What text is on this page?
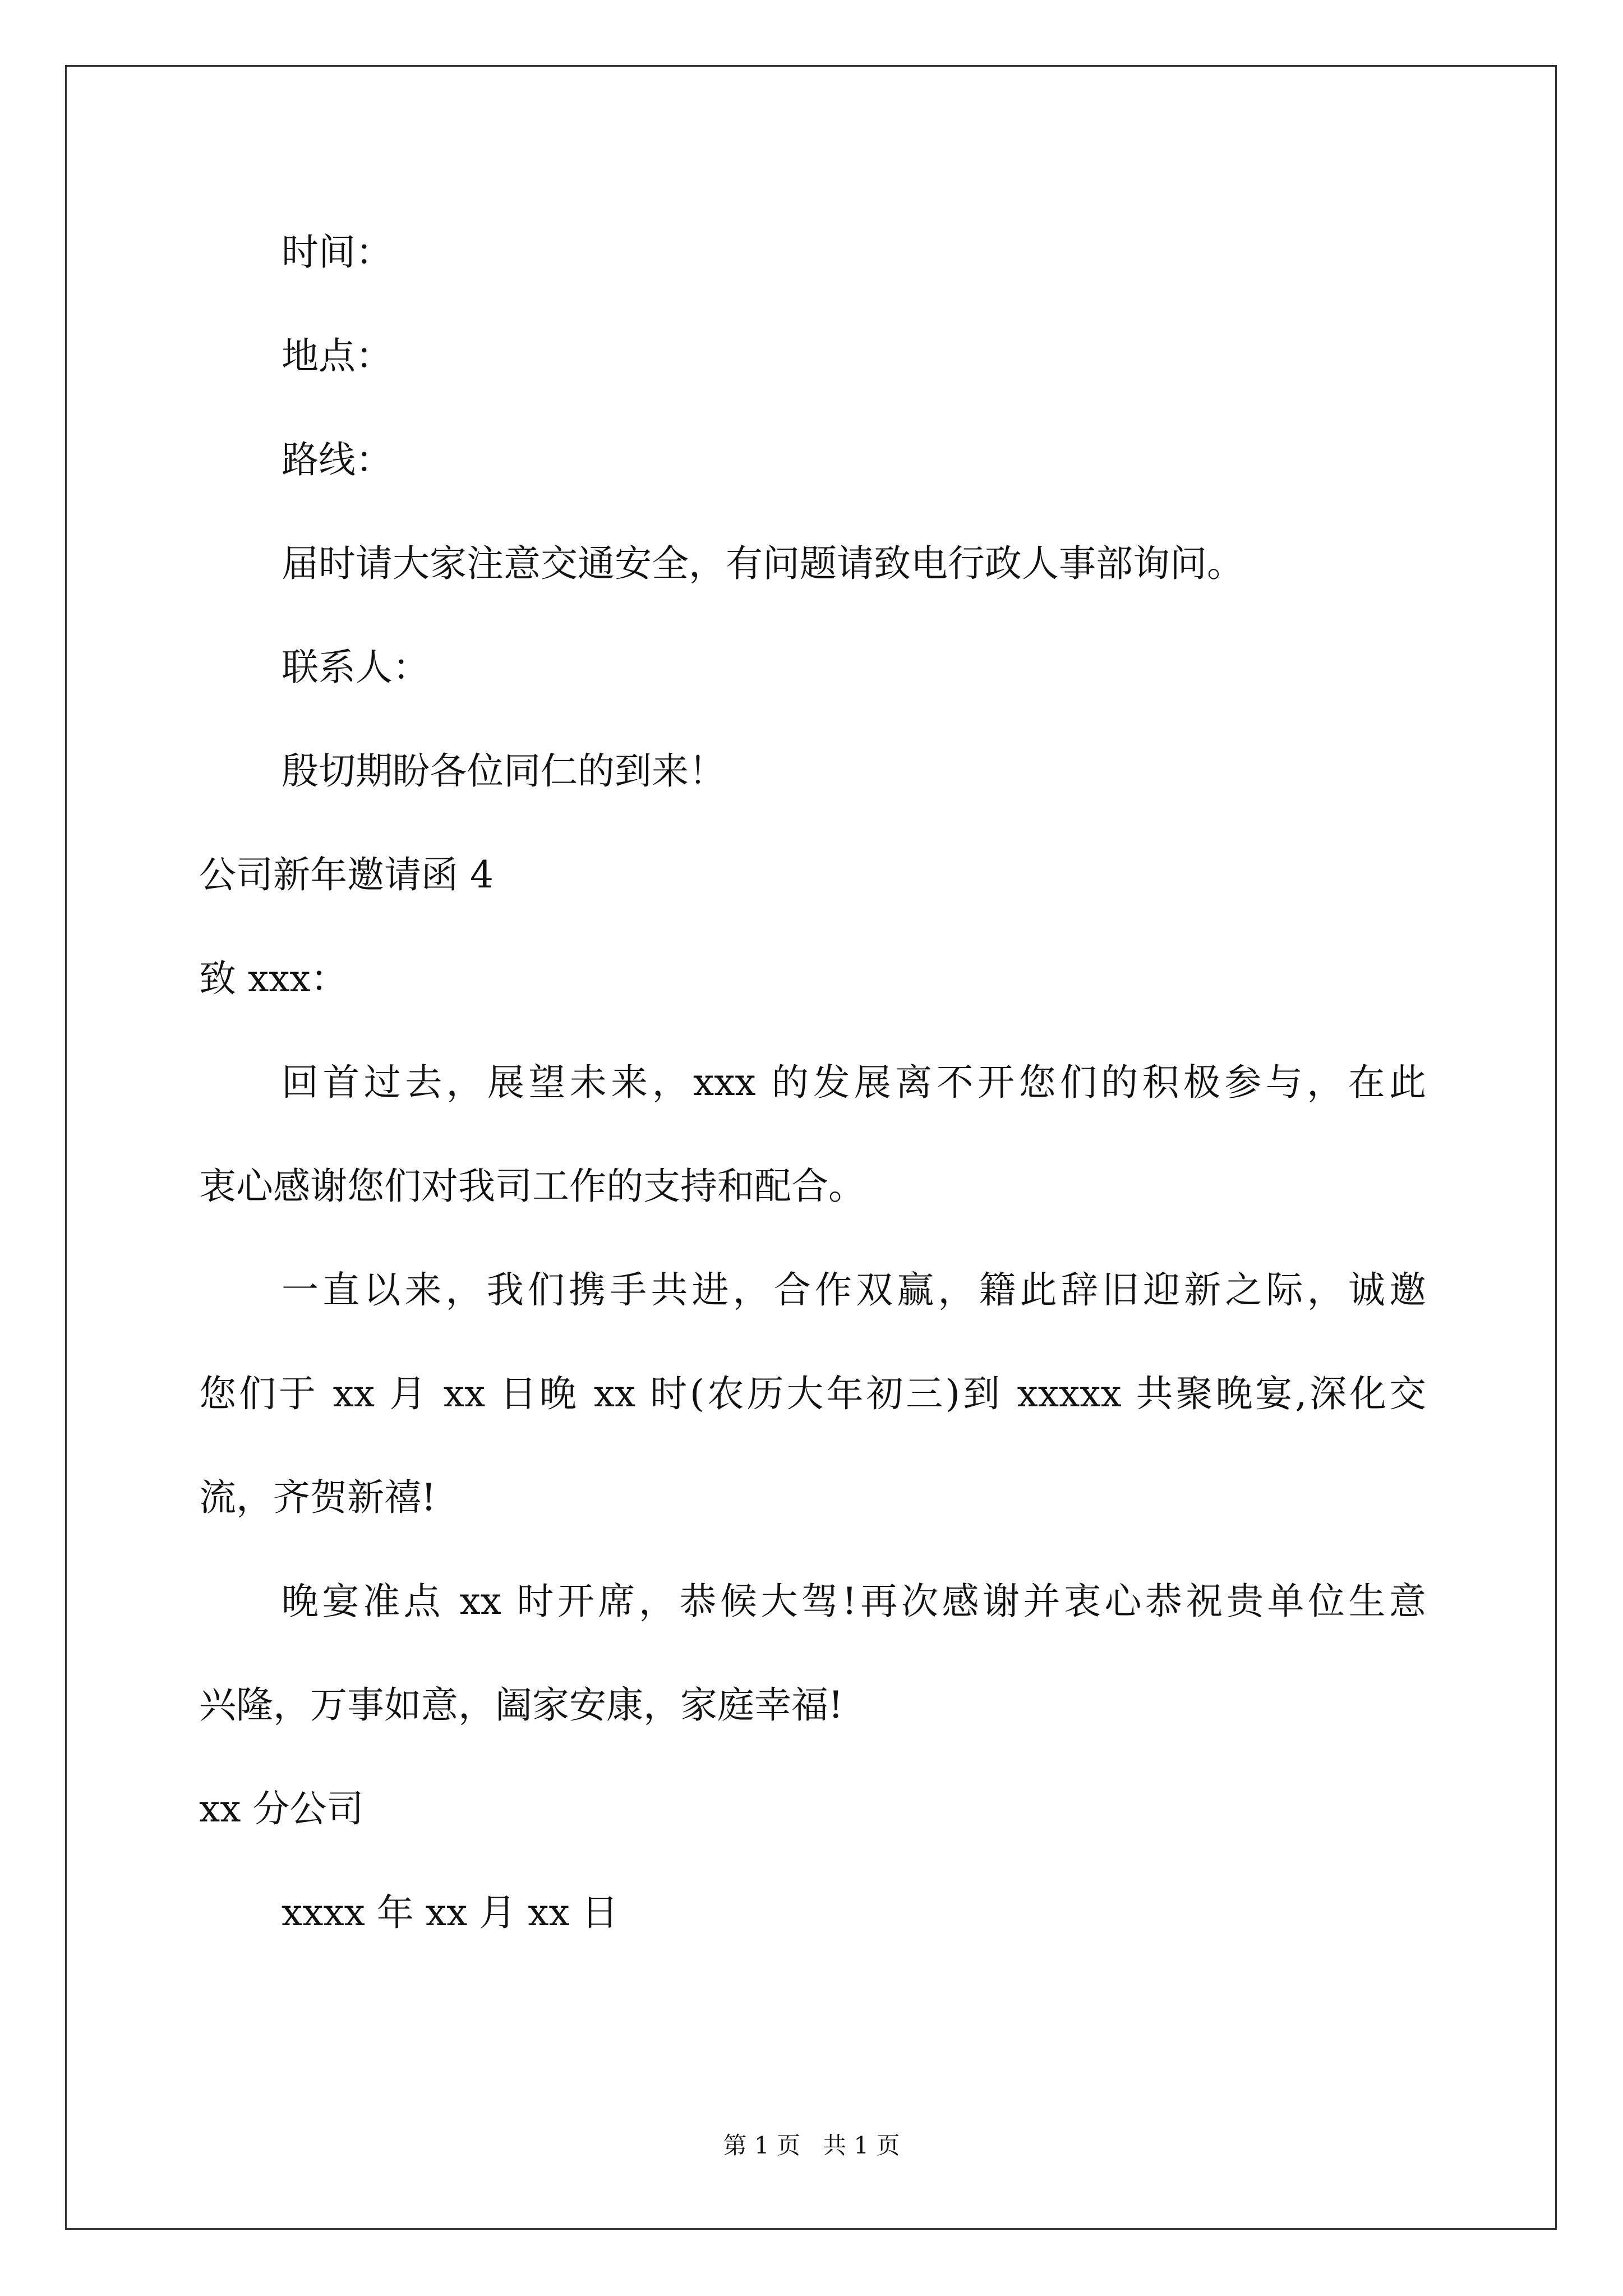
时间：
地点：
路线：
届时请大家注意交通安全，有问题请致电行政人事部询问。
联系人：
殷切期盼各位同仁的到来！
公司新年邀请函 4
致 xxx：
回首过去，展望未来，xxx 的发展离不开您们的积极参与，在此
衷心感谢您们对我司工作的支持和配合。
一直以来，我们携手共进，合作双赢，籍此辞旧迎新之际，诚邀
您们于 xx 月 xx 日晚 xx 时(农历大年初三)到 xxxxx 共聚晚宴,深化交
流，齐贺新禧!
晚宴准点 xx 时开席，恭候大驾!再次感谢并衷心恭祝贵单位生意
兴隆，万事如意，阖家安康，家庭幸福!
xx 分公司
xxxx 年 xx 月 xx 日
第 1 页   共 1 页
